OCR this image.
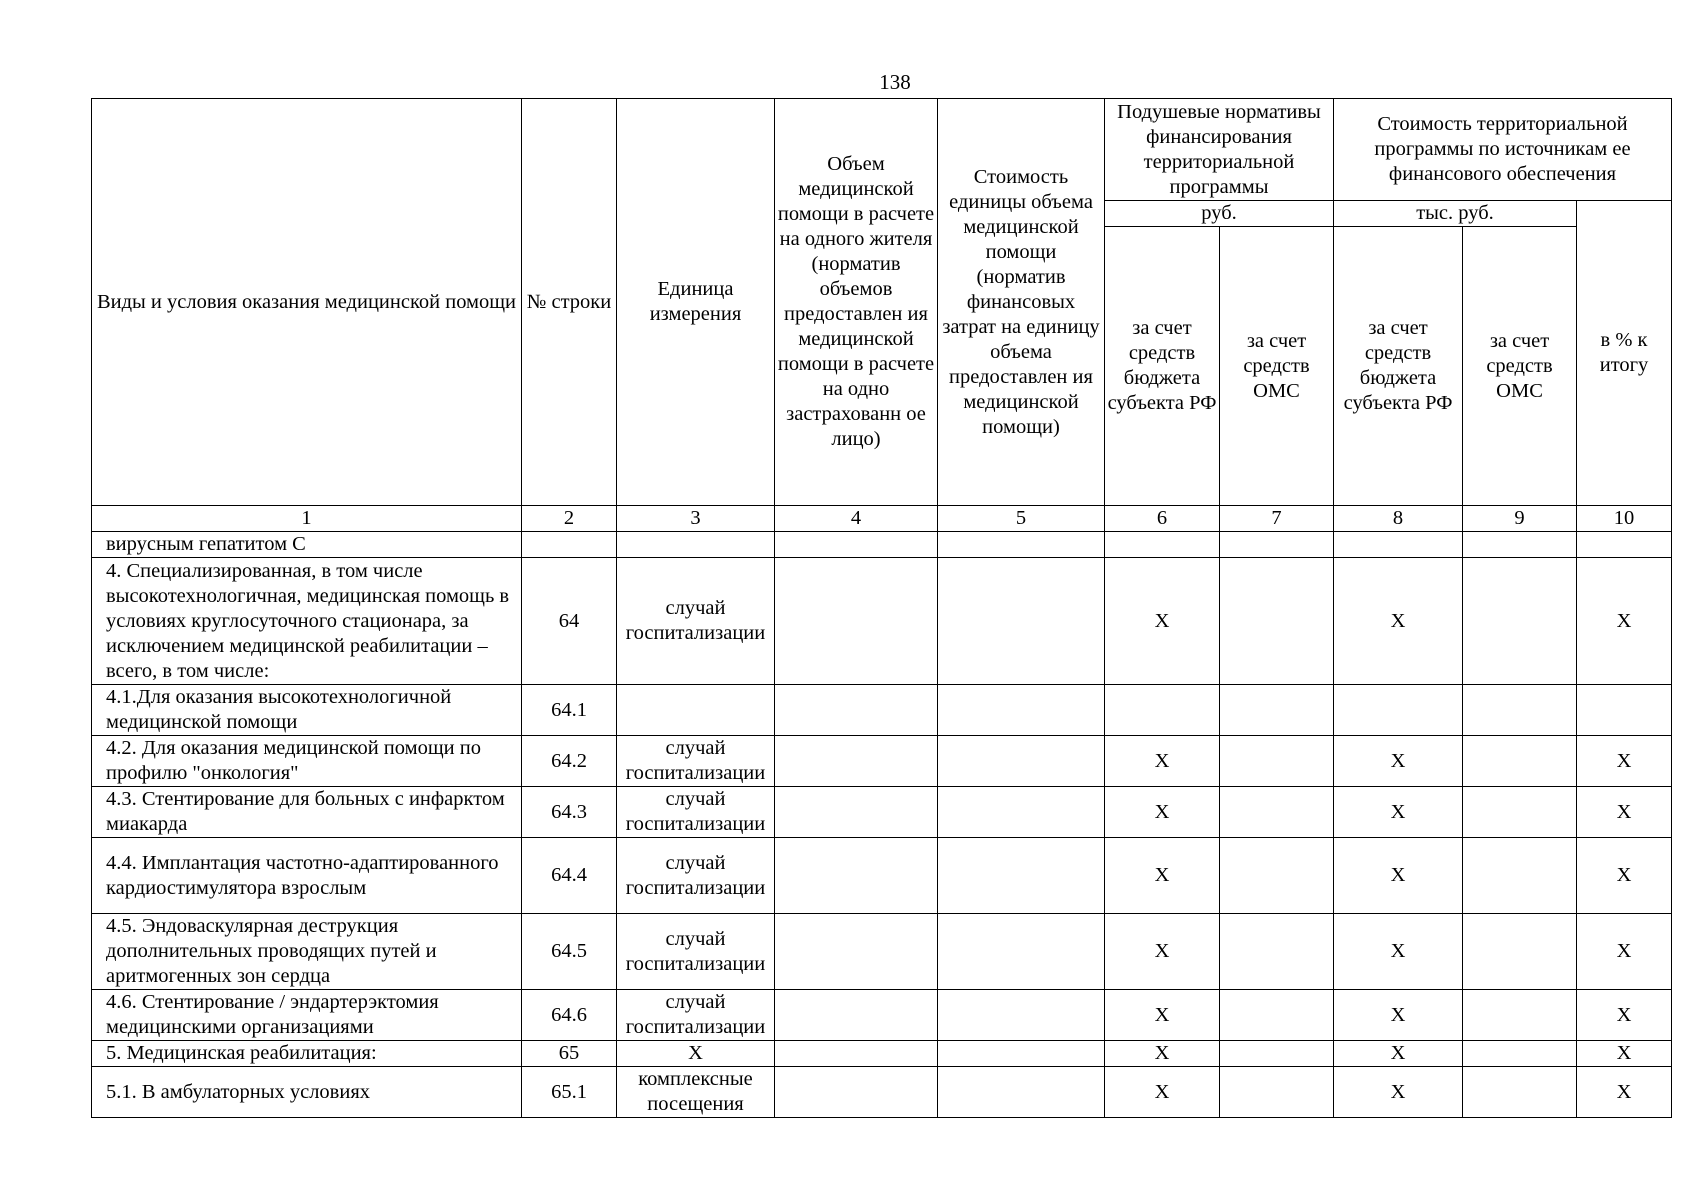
138
Виды и условия оказания медицинской помощи	№ строки	Единица измерения	Объем медицинской помощи в расчете на одного жителя (норматив объемов предоставлен ия медицинской помощи в расчете на одно застрахованн ое лицо)	Стоимость единицы объема медицинской помощи (норматив финансовых затрат на единицу объема предоставлен ия медицинской помощи)	Подушевые нормативы финансирования территориальной программы		Стоимость территориальной программы по источникам ее финансового обеспечения		
					руб.		тыс. руб.		в % к итогу
					за счет средств бюджета субъекта РФ	за счет средств ОМС	за счет средств бюджета субъекта РФ	за счет средств ОМС	
1	2	3	4	5	6	7	8	9	10
вирусным гепатитом С									
4. Специализированная, в том числе высокотехнологичная, медицинская помощь в условиях круглосуточного стационара, за исключением медицинской реабилитации – всего, в том числе:	64	случай госпитализации			X		X		X
4.1.Для оказания высокотехнологичной медицинской помощи	64.1								
4.2. Для оказания медицинской помощи по профилю "онкология"	64.2	случай госпитализации			X		X		X
4.3. Стентирование для больных с инфарктом миакарда	64.3	случай госпитализации			X		X		X
4.4. Имплантация частотно-адаптированного кардиостимулятора взрослым	64.4	случай госпитализации			X		X		X
4.5. Эндоваскулярная деструкция дополнительных проводящих путей и аритмогенных зон сердца	64.5	случай госпитализации			X		X		X
4.6. Стентирование / эндартерэктомия медицинскими организациями	64.6	случай госпитализации			X		X		X
5. Медицинская реабилитация:	65	X			X		X		X
5.1. В амбулаторных условиях	65.1	комплексные посещения			X		X		X
